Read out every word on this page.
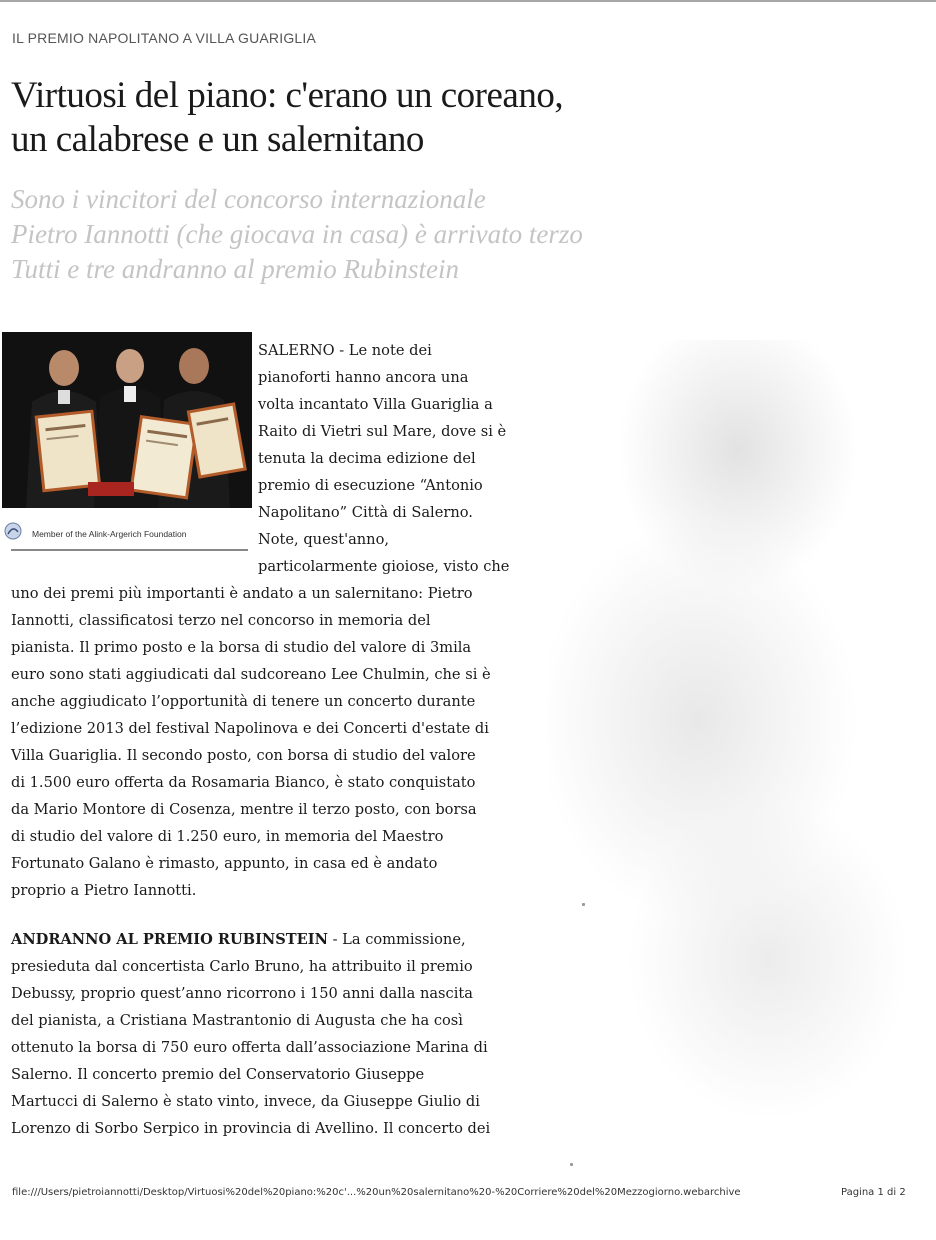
IL PREMIO NAPOLITANO A VILLA GUARIGLIA
Virtuosi del piano: c'erano un coreano,
un calabrese e un salernitano
Sono i vincitori del concorso internazionale
Pietro Iannotti (che giocava in casa) è arrivato terzo
Tutti e tre andranno al premio Rubinstein
Member of the Alink-Argerich Foundation
SALERNO - Le note dei
pianoforti hanno ancora una
volta incantato Villa Guariglia a
Raito di Vietri sul Mare, dove si è
tenuta la decima edizione del
premio di esecuzione “Antonio
Napolitano” Città di Salerno.
Note, quest'anno,
particolarmente gioiose, visto che
uno dei premi più importanti è andato a un salernitano: Pietro
Iannotti, classificatosi terzo nel concorso in memoria del
pianista. Il primo posto e la borsa di studio del valore di 3mila
euro sono stati aggiudicati dal sudcoreano Lee Chulmin, che si è
anche aggiudicato l’opportunità di tenere un concerto durante
l’edizione 2013 del festival Napolinova e dei Concerti d'estate di
Villa Guariglia. Il secondo posto, con borsa di studio del valore
di 1.500 euro offerta da Rosamaria Bianco, è stato conquistato
da Mario Montore di Cosenza, mentre il terzo posto, con borsa
di studio del valore di 1.250 euro, in memoria del Maestro
Fortunato Galano è rimasto, appunto, in casa ed è andato
proprio a Pietro Iannotti.
ANDRANNO AL PREMIO RUBINSTEIN - La commissione,
presieduta dal concertista Carlo Bruno, ha attribuito il premio
Debussy, proprio quest’anno ricorrono i 150 anni dalla nascita
del pianista, a Cristiana Mastrantonio di Augusta che ha così
ottenuto la borsa di 750 euro offerta dall’associazione Marina di
Salerno. Il concerto premio del Conservatorio Giuseppe
Martucci di Salerno è stato vinto, invece, da Giuseppe Giulio di
Lorenzo di Sorbo Serpico in provincia di Avellino. Il concerto dei
file:///Users/pietroiannotti/Desktop/Virtuosi%20del%20piano:%20c'...%20un%20salernitano%20-%20Corriere%20del%20Mezzogiorno.webarchive	Pagina 1 di 2
